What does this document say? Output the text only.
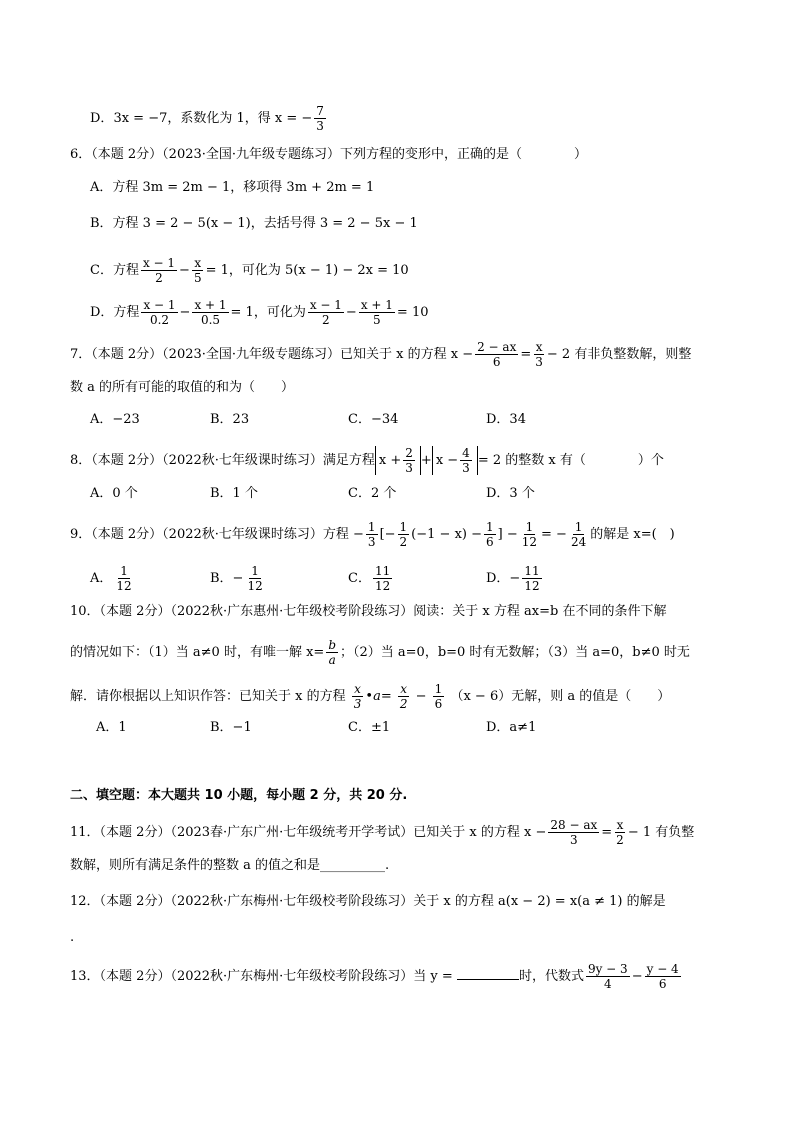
D．3x = −7，系数化为 1，得 x = − $\frac{7}{3}$
6．（本题 2分）（2023·全国·九年级专题练习）下列方程的变形中，正确的是（　　　　）
A．方程 3m = 2m − 1，移项得 3m + 2m = 1
B．方程 3 = 2 − 5(x − 1)，去括号得 3 = 2 − 5x − 1
C．方程 $\frac{x - 1}{2} - \frac{x}{5} = 1$，可化为 5(x − 1) − 2x = 10
D．方程 $\frac{x - 1}{0.2} - \frac{x + 1}{0.5} = 1$，可化为 $\frac{x - 1}{2} - \frac{x + 1}{5} = 10$
7．（本题 2分）（2023·全国·九年级专题练习）已知关于 x 的方程 $x - \frac{2 - ax}{6} = \frac{x}{3} - 2$ 有非负整数解，则整
数 a 的所有可能的取值的和为（　　）
A．−23	B．23	C．−34	D．34
8．（本题 2分）（2022秋·七年级课时练习）满足方程 $x + \frac{2}{3} + x - \frac{4}{3} = 2$ 的整数 x 有（　　　　）个
A．0 个	B．1 个	C．2 个	D．3 个
9．（本题 2分）（2022秋·七年级课时练习）方程 − $\frac{1}{3}$ [− $\frac{1}{2} (-1 - x) - \frac{1}{6}$ ] − $\frac{1}{12}$ = − $\frac{1}{24}$ 的解是 x=(　)
A． $\frac{1}{12}$	B．− $\frac{1}{12}$	C． $\frac{11}{12}$	D．− $\frac{11}{12}$
10．（本题 2分）（2022秋·广东惠州·七年级校考阶段练习）阅读：关于 x 方程 ax=b 在不同的条件下解
的情况如下：（1）当 a≠0 时，有唯一解 $x= \frac{b}{a}$ ；（2）当 a=0，b=0 时有无数解；（3）当 a=0，b≠0 时无
解．请你根据以上知识作答：已知关于 x 的方程 $\frac{x}{3}$ •a= $\frac{x}{2} - \frac{1}{6} (x - 6)$无解，则 a 的值是（　　）
A．1	B．−1	C．±1	D．a≠1
二、填空题：本大题共 10 小题，每小题 2 分，共 20 分.
11．（本题 2分）（2023春·广东广州·七年级统考开学考试）已知关于 x 的方程 $x - \frac{28 - ax}{3} = \frac{x}{2} - 1$ 有负整
数解，则所有满足条件的整数 a 的值之和是__________.
12．（本题 2分）（2022秋·广东梅州·七年级校考阶段练习）关于 x 的方程 a(x − 2) = x(a ≠ 1) 的解是
.
13．（本题 2分）（2022秋·广东梅州·七年级校考阶段练习）当 y =	时，代数式 $\frac{9y - 3}{4} - \frac{y - 4}{6}$
